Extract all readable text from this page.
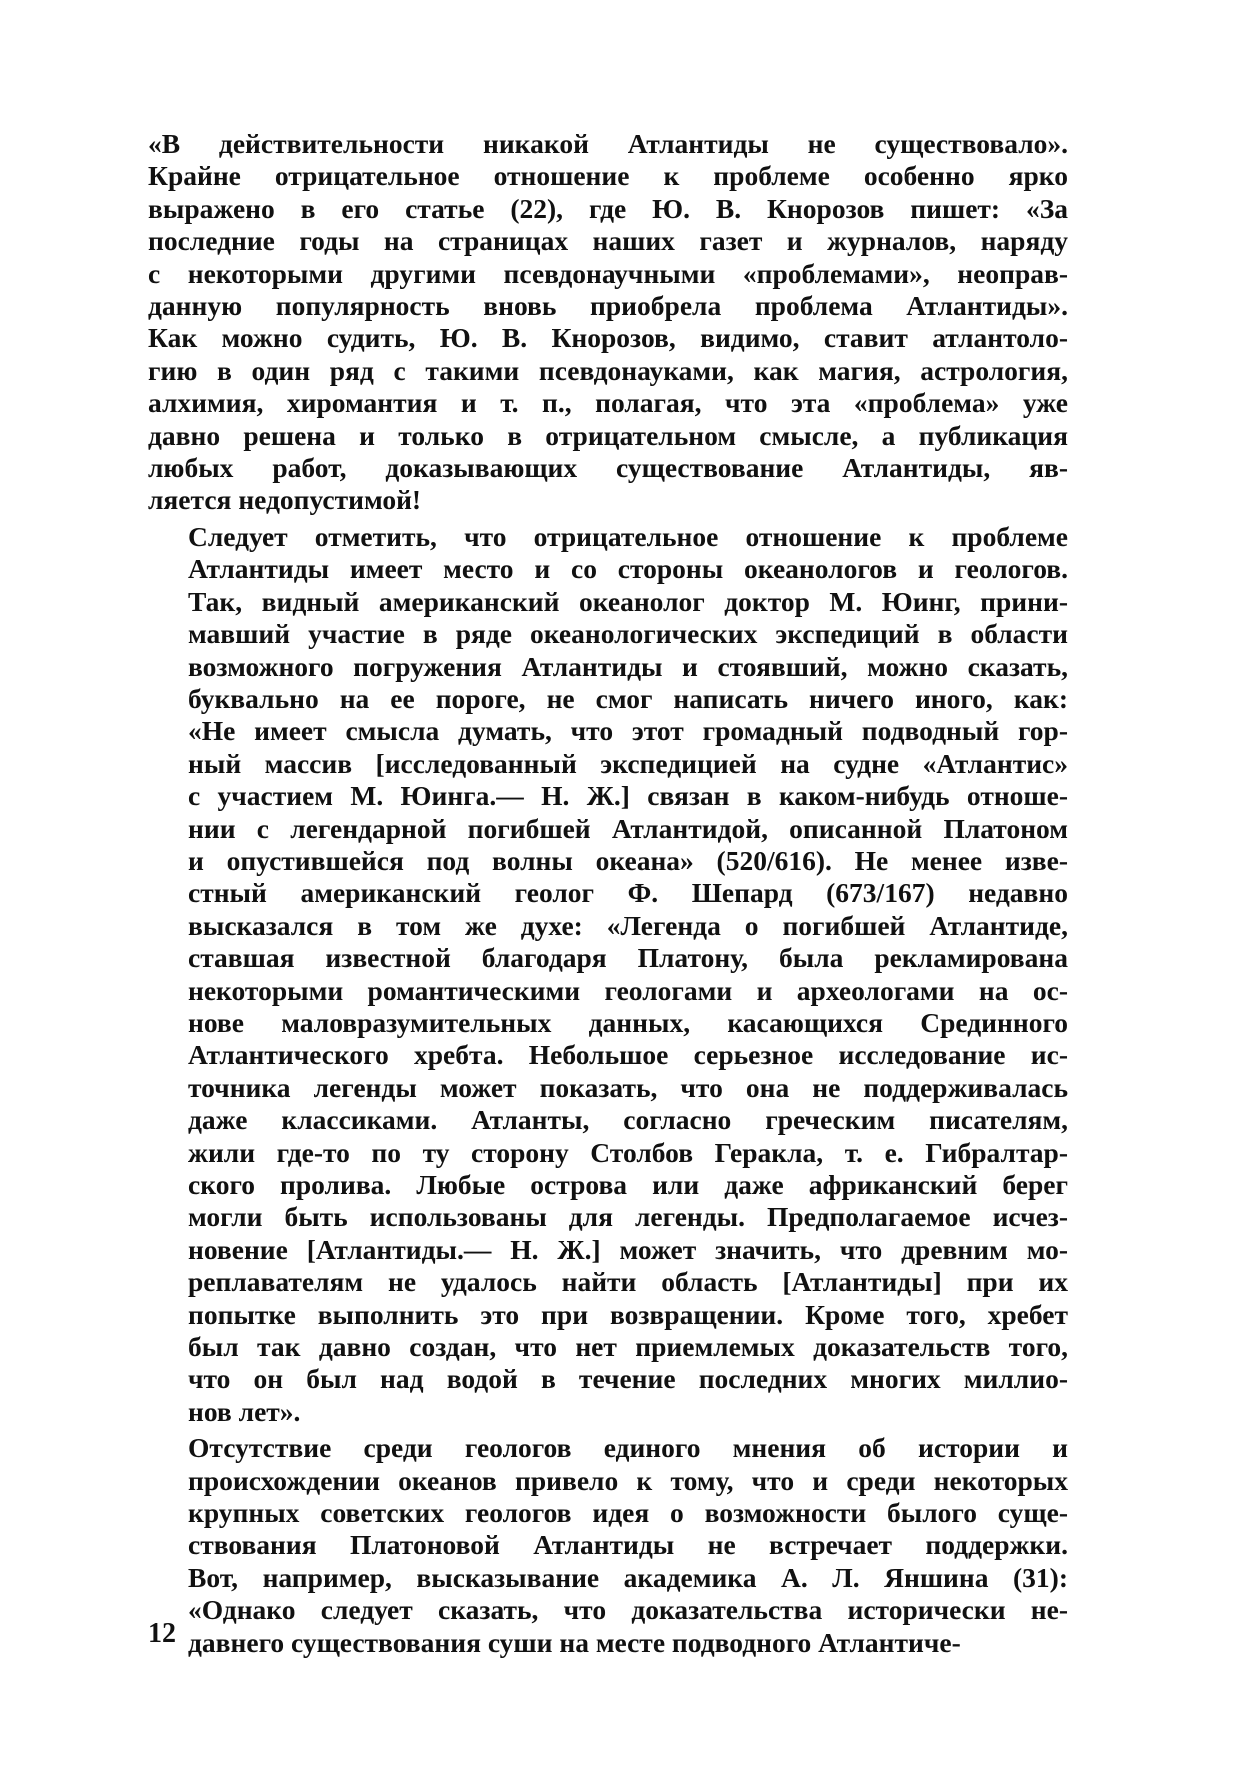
«В действительности никакой Атлантиды не существовало».
Крайне отрицательное отношение к проблеме особенно ярко
выражено в его статье (22), где Ю. В. Кнорозов пишет: «За
последние годы на страницах наших газет и журналов, наряду
с некоторыми другими псевдонаучными «проблемами», неоправ-
данную популярность вновь приобрела проблема Атлантиды».
Как можно судить, Ю. В. Кнорозов, видимо, ставит атлантоло-
гию в один ряд с такими псевдонауками, как магия, астрология,
алхимия, хиромантия и т. п., полагая, что эта «проблема» уже
давно решена и только в отрицательном смысле, а публикация
любых работ, доказывающих существование Атлантиды, яв-
ляется недопустимой!

Следует отметить, что отрицательное отношение к проблеме
Атлантиды имеет место и со стороны океанологов и геологов.
Так, видный американский океанолог доктор М. Юинг, прини-
мавший участие в ряде океанологических экспедиций в области
возможного погружения Атлантиды и стоявший, можно сказать,
буквально на ее пороге, не смог написать ничего иного, как:
«Не имеет смысла думать, что этот громадный подводный гор-
ный массив [исследованный экспедицией на судне «Атлантис»
с участием М. Юинга.— Н. Ж.] связан в каком-нибудь отноше-
нии с легендарной погибшей Атлантидой, описанной Платоном
и опустившейся под волны океана» (520/616). Не менее изве-
стный американский геолог Ф. Шепард (673/167) недавно
высказался в том же духе: «Легенда о погибшей Атлантиде,
ставшая известной благодаря Платону, была рекламирована
некоторыми романтическими геологами и археологами на ос-
нове маловразумительных данных, касающихся Срединного
Атлантического хребта. Небольшое серьезное исследование ис-
точника легенды может показать, что она не поддерживалась
даже классиками. Атланты, согласно греческим писателям,
жили где-то по ту сторону Столбов Геракла, т. е. Гибралтар-
ского пролива. Любые острова или даже африканский берег
могли быть использованы для легенды. Предполагаемое исчез-
новение [Атлантиды.— Н. Ж.] может значить, что древним мо-
реплавателям не удалось найти область [Атлантиды] при их
попытке выполнить это при возвращении. Кроме того, хребет
был так давно создан, что нет приемлемых доказательств того,
что он был над водой в течение последних многих миллио-
нов лет».

Отсутствие среди геологов единого мнения об истории и
происхождении океанов привело к тому, что и среди некоторых
крупных советских геологов идея о возможности былого суще-
ствования Платоновой Атлантиды не встречает поддержки.
Вот, например, высказывание академика А. Л. Яншина (31):
«Однако следует сказать, что доказательства исторически не-
давнего существования суши на месте подводного Атлантиче-

12
